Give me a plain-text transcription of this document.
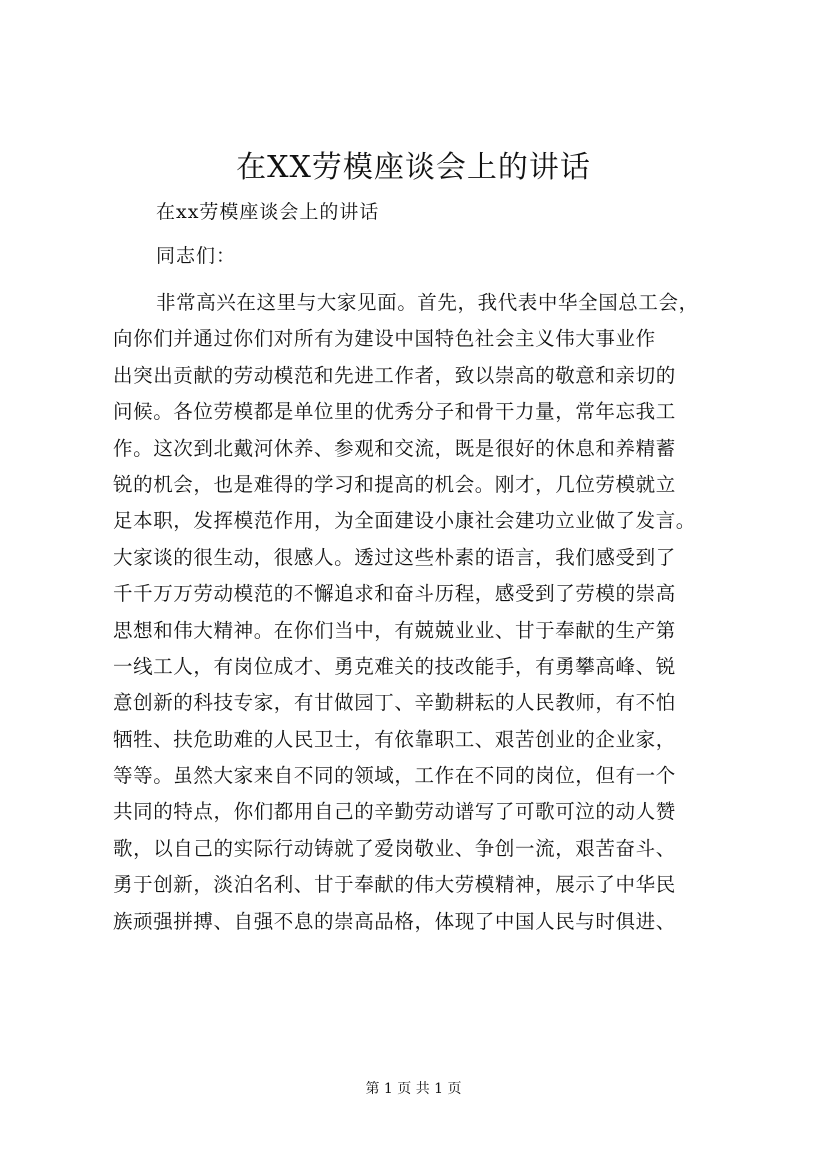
在XX劳模座谈会上的讲话
在xx劳模座谈会上的讲话
同志们：
非常高兴在这里与大家见面。首先，我代表中华全国总工会，
向你们并通过你们对所有为建设中国特色社会主义伟大事业作
出突出贡献的劳动模范和先进工作者，致以崇高的敬意和亲切的
问候。各位劳模都是单位里的优秀分子和骨干力量，常年忘我工
作。这次到北戴河休养、参观和交流，既是很好的休息和养精蓄
锐的机会，也是难得的学习和提高的机会。刚才，几位劳模就立
足本职，发挥模范作用，为全面建设小康社会建功立业做了发言。
大家谈的很生动，很感人。透过这些朴素的语言，我们感受到了
千千万万劳动模范的不懈追求和奋斗历程，感受到了劳模的崇高
思想和伟大精神。在你们当中，有兢兢业业、甘于奉献的生产第
一线工人，有岗位成才、勇克难关的技改能手，有勇攀高峰、锐
意创新的科技专家，有甘做园丁、辛勤耕耘的人民教师，有不怕
牺牲、扶危助难的人民卫士，有依靠职工、艰苦创业的企业家，
等等。虽然大家来自不同的领域，工作在不同的岗位，但有一个
共同的特点，你们都用自己的辛勤劳动谱写了可歌可泣的动人赞
歌，以自己的实际行动铸就了爱岗敬业、争创一流，艰苦奋斗、
勇于创新，淡泊名利、甘于奉献的伟大劳模精神，展示了中华民
族顽强拼搏、自强不息的崇高品格，体现了中国人民与时俱进、
第 1 页 共 1 页
